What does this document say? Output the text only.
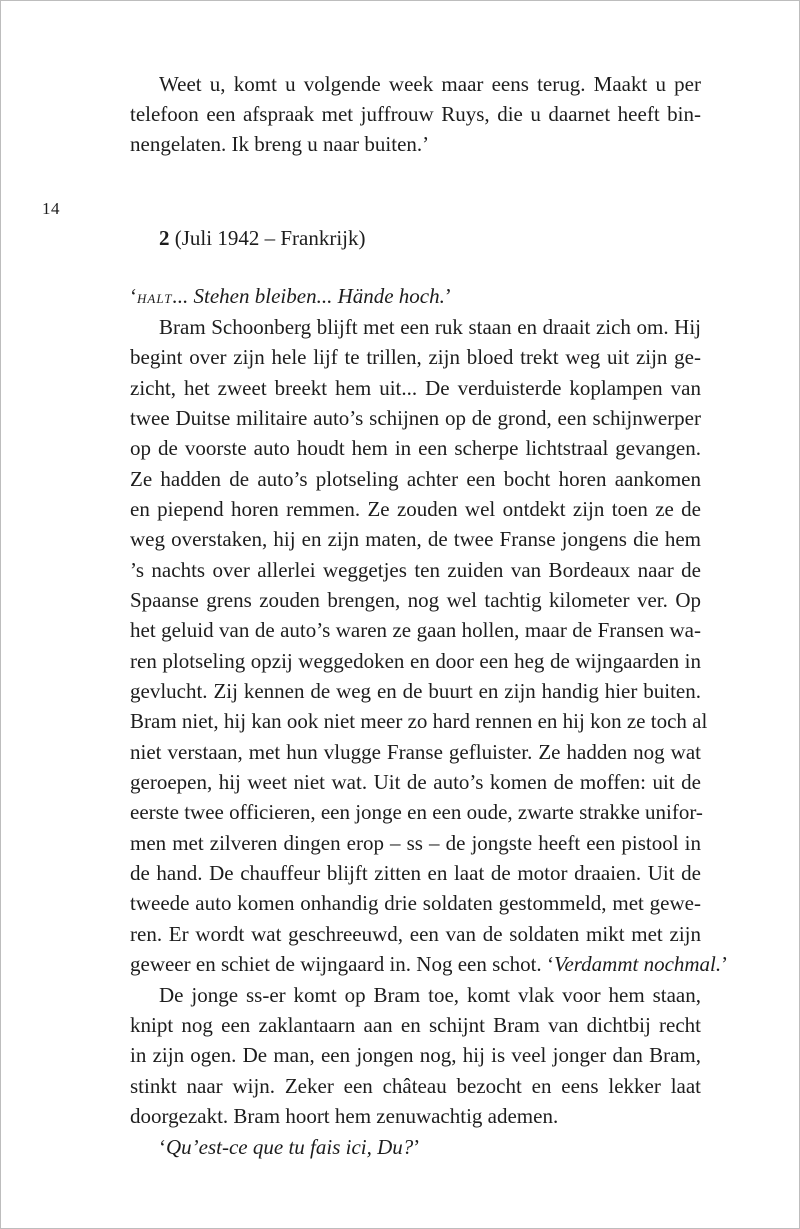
Weet u, komt u volgende week maar eens terug. Maakt u per
telefoon een afspraak met juffrouw Ruys, die u daarnet heeft bin-
nengelaten. Ik breng u naar buiten.’
14
2 (Juli 1942 – Frankrijk)
‘halt... Stehen bleiben... Hände hoch.’
Bram Schoonberg blijft met een ruk staan en draait zich om. Hij
begint over zijn hele lijf te trillen, zijn bloed trekt weg uit zijn ge-
zicht, het zweet breekt hem uit... De verduisterde koplampen van
twee Duitse militaire auto’s schijnen op de grond, een schijnwerper
op de voorste auto houdt hem in een scherpe lichtstraal gevangen.
Ze hadden de auto’s plotseling achter een bocht horen aankomen
en piepend horen remmen. Ze zouden wel ontdekt zijn toen ze de
weg overstaken, hij en zijn maten, de twee Franse jongens die hem
’s nachts over allerlei weggetjes ten zuiden van Bordeaux naar de
Spaanse grens zouden brengen, nog wel tachtig kilometer ver. Op
het geluid van de auto’s waren ze gaan hollen, maar de Fransen wa-
ren plotseling opzij weggedoken en door een heg de wijngaarden in
gevlucht. Zij kennen de weg en de buurt en zijn handig hier buiten.
Bram niet, hij kan ook niet meer zo hard rennen en hij kon ze toch al
niet verstaan, met hun vlugge Franse gefluister. Ze hadden nog wat
geroepen, hij weet niet wat. Uit de auto’s komen de moffen: uit de
eerste twee officieren, een jonge en een oude, zwarte strakke unifor-
men met zilveren dingen erop – ss – de jongste heeft een pistool in
de hand. De chauffeur blijft zitten en laat de motor draaien. Uit de
tweede auto komen onhandig drie soldaten gestommeld, met gewe-
ren. Er wordt wat geschreeuwd, een van de soldaten mikt met zijn
geweer en schiet de wijngaard in. Nog een schot. ‘Verdammt nochmal.’
De jonge ss-er komt op Bram toe, komt vlak voor hem staan,
knipt nog een zaklantaarn aan en schijnt Bram van dichtbij recht
in zijn ogen. De man, een jongen nog, hij is veel jonger dan Bram,
stinkt naar wijn. Zeker een château bezocht en eens lekker laat
doorgezakt. Bram hoort hem zenuwachtig ademen.
‘Qu’est-ce que tu fais ici, Du?’
